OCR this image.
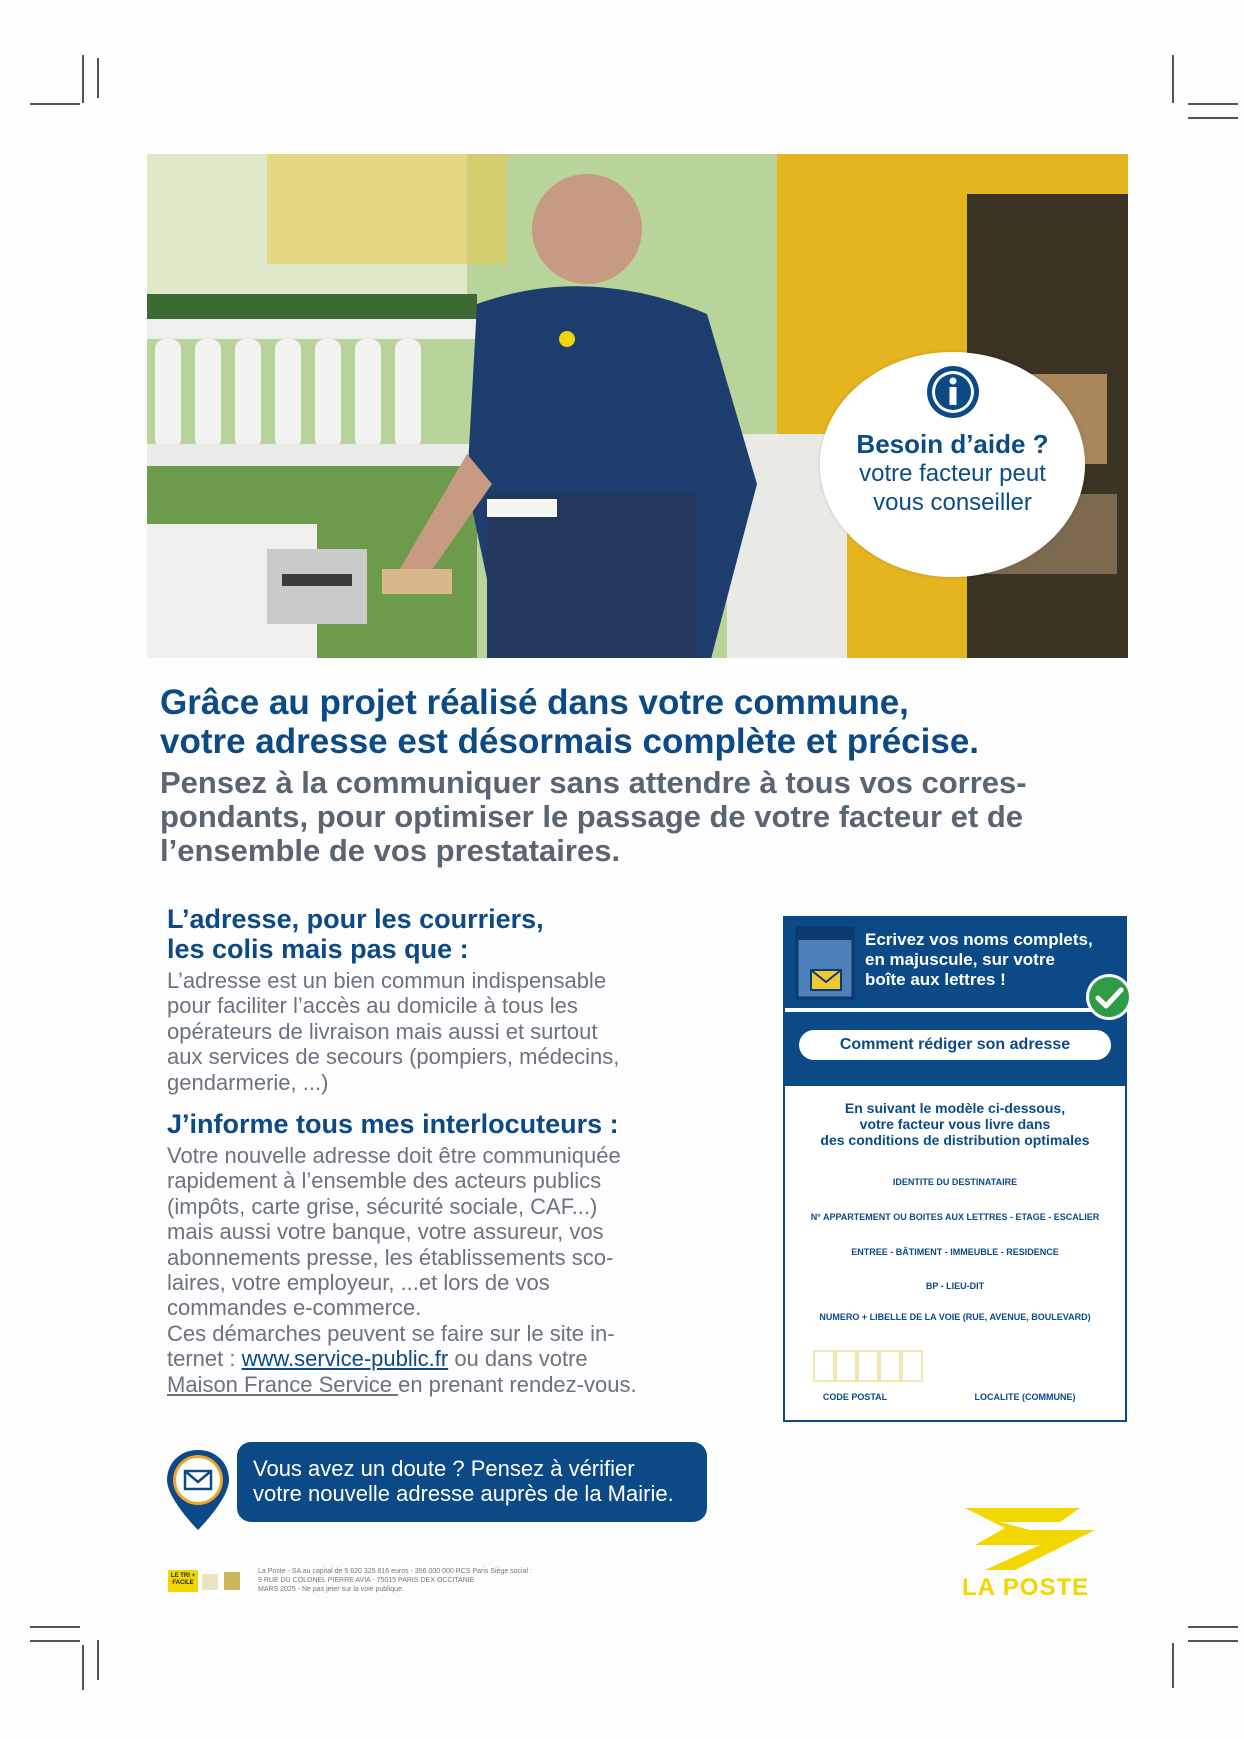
Besoin d’aide ?
votre facteur peut
vous conseiller
Grâce au projet réalisé dans votre commune,
votre adresse est désormais complète et précise.
Pensez à la communiquer sans attendre à tous vos corres-
pondants, pour optimiser le passage de votre facteur et de
l’ensemble de vos prestataires.
L’adresse, pour les courriers,
les colis mais pas que :

L’adresse est un bien commun indispensable
pour faciliter l’accès au domicile à tous les
opérateurs de livraison mais aussi et surtout
aux services de secours (pompiers, médecins,
gendarmerie, ...)

J’informe tous mes interlocuteurs :

Votre nouvelle adresse doit être communiquée
rapidement à l’ensemble des acteurs publics
(impôts, carte grise, sécurité sociale, CAF...)
mais aussi votre banque, votre assureur, vos
abonnements presse, les établissements sco-
laires, votre employeur, ...et lors de vos
commandes e-commerce.
Ces démarches peuvent se faire sur le site in-
ternet : www.service-public.fr ou dans votre
Maison France Service en prenant rendez-vous.

Vous avez un doute ? Pensez à vérifier
votre nouvelle adresse auprès de la Mairie.
Ecrivez vos noms complets,
en majuscule, sur votre
boîte aux lettres !
Comment rédiger son adresse
En suivant le modèle ci-dessous,
votre facteur vous livre dans
des conditions de distribution optimales
IDENTITE DU DESTINATAIRE
N° APPARTEMENT OU BOITES AUX LETTRES - ETAGE - ESCALIER
ENTREE - BÂTIMENT - IMMEUBLE - RESIDENCE
BP - LIEU-DIT
NUMERO + LIBELLE DE LA VOIE (RUE, AVENUE, BOULEVARD)
CODE POSTAL	LOCALITE (COMMUNE)
LE TRI + FACILE
La Poste - SA au capital de 5 620 325 816 euros - 356 000 000 RCS Paris Siège social :
9 RUE DU COLONEL PIERRE AVIA - 75015 PARIS DEX OCCITANIE
MARS 2025 - Ne pas jeter sur la voie publique.	LA POSTE
